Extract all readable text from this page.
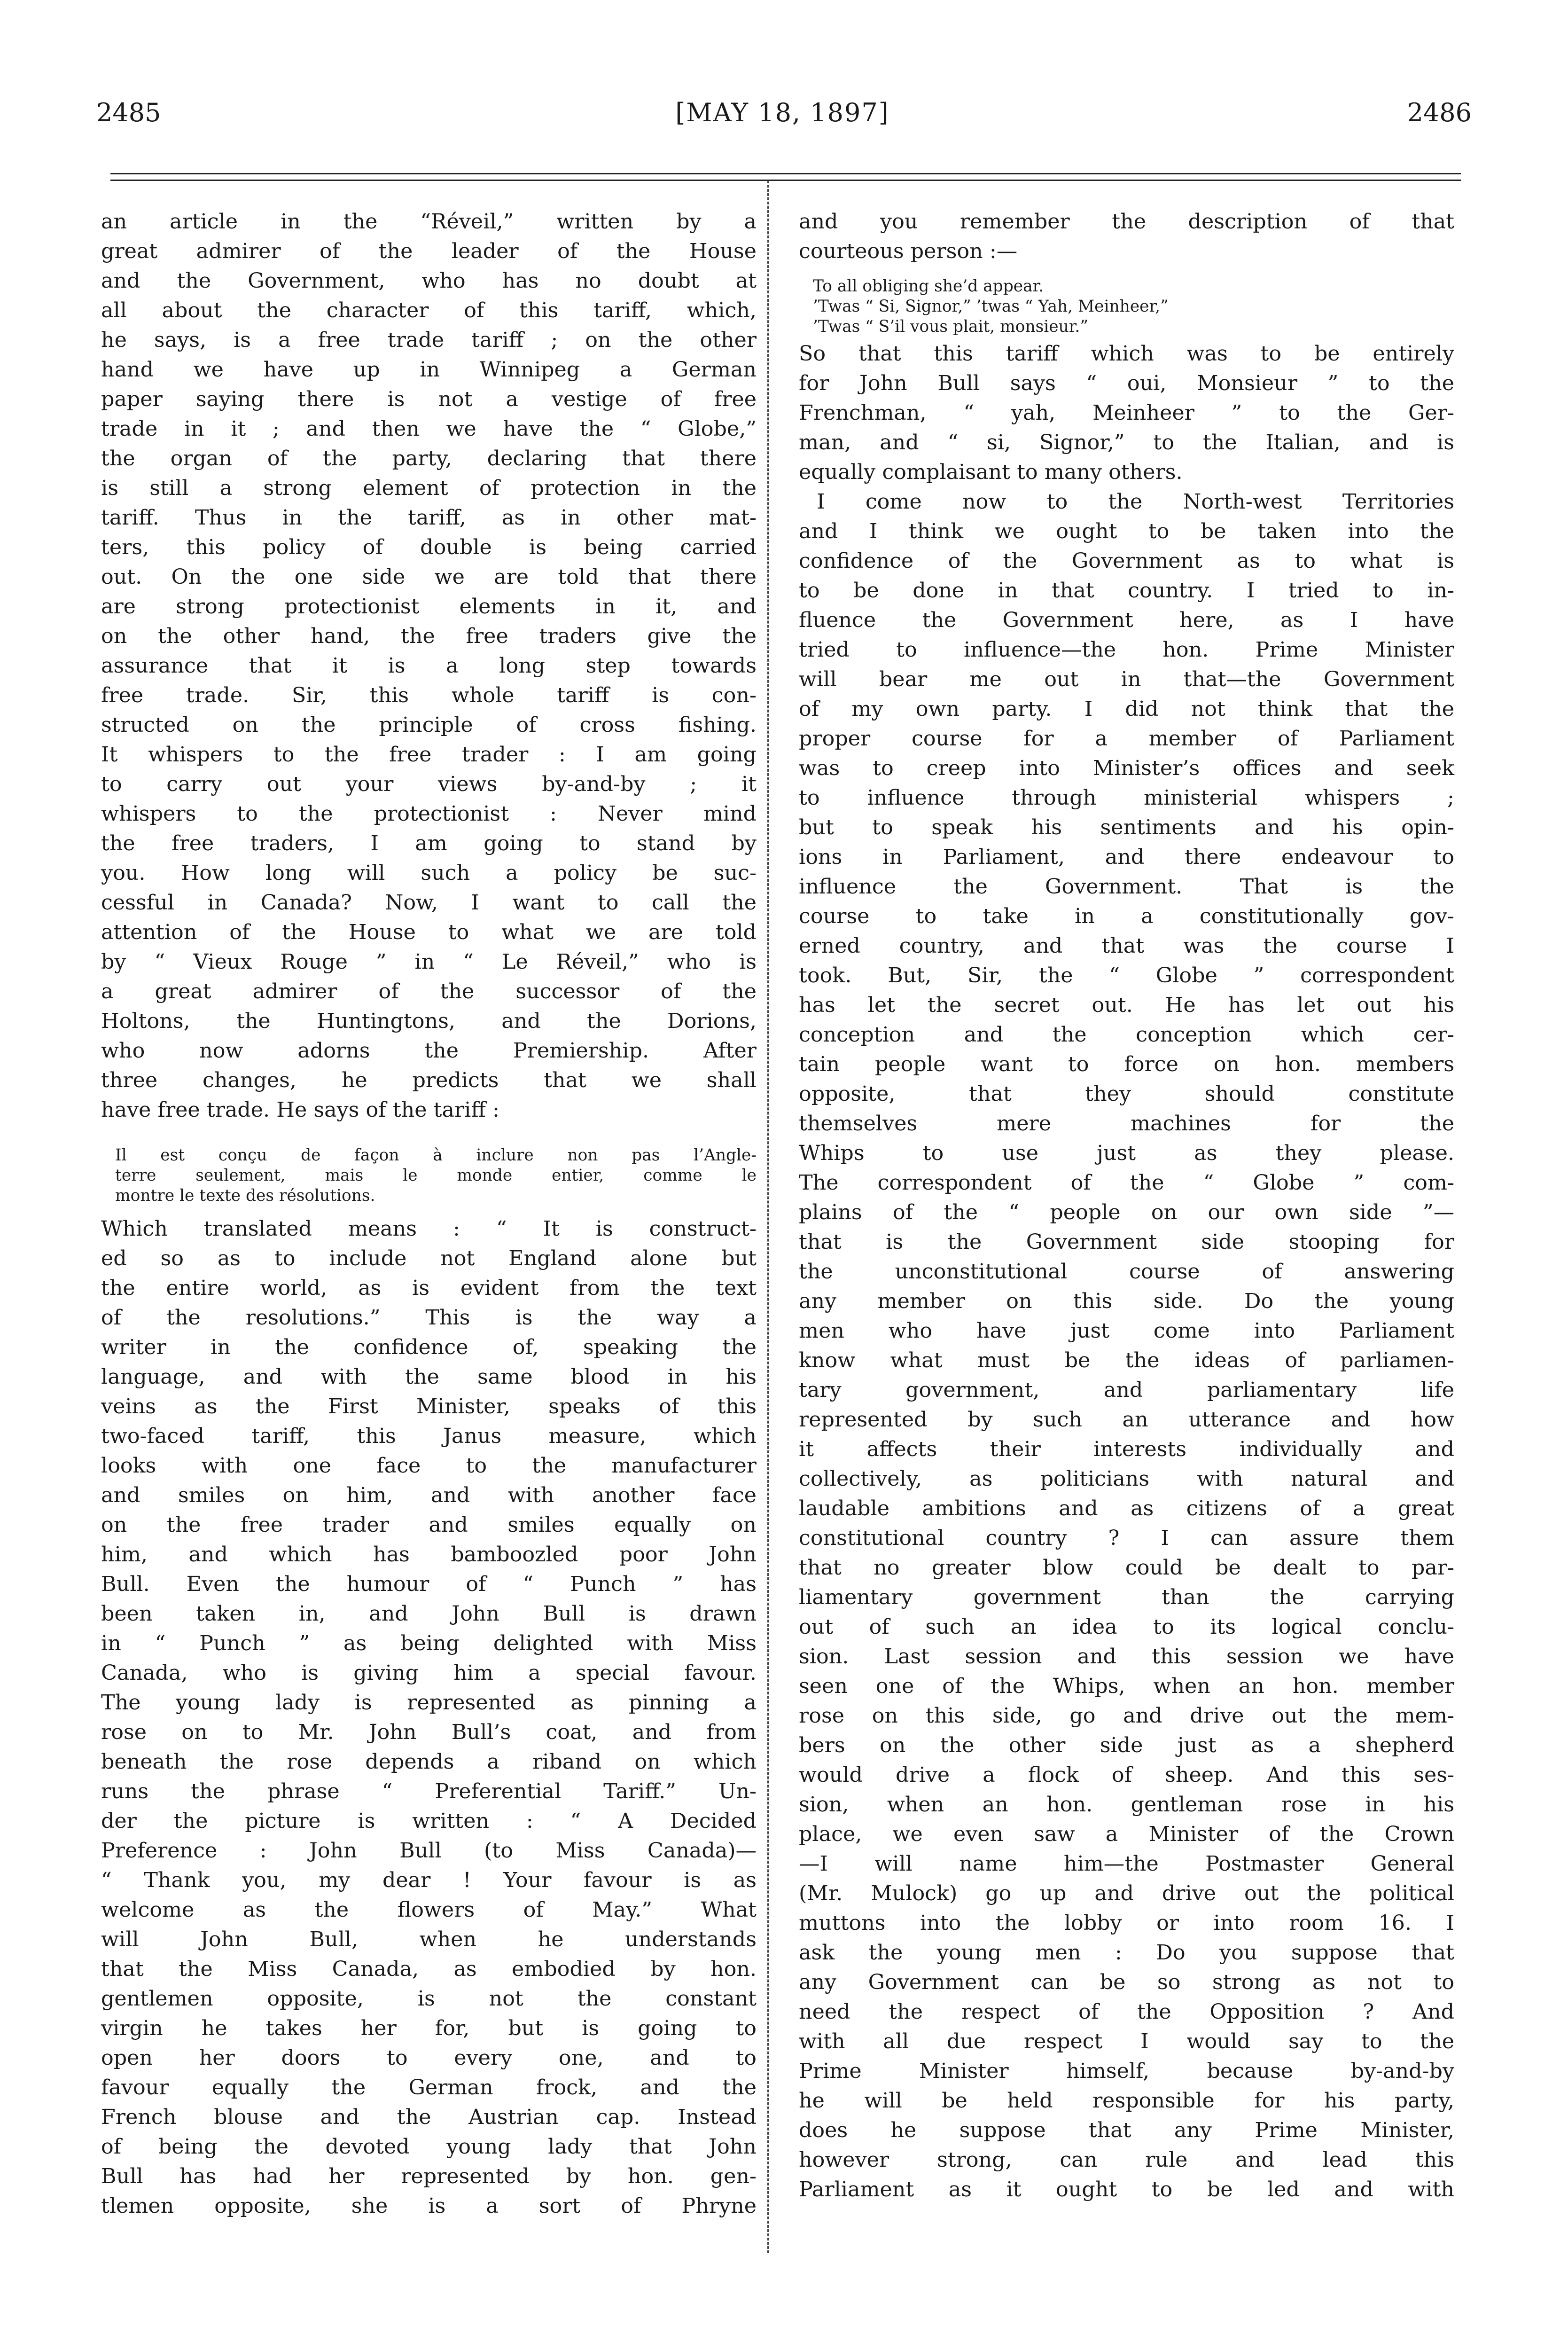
2485	[MAY 18, 1897]	2486

an article in the “Réveil,” written by a

great admirer of the leader of the House

and the Government, who has no doubt at

all about the character of this tariff, which,

he says, is a free trade tariff ; on the other

hand we have up in Winnipeg a German

paper saying there is not a vestige of free

trade in it ; and then we have the “ Globe,”

the organ of the party, declaring that there

is still a strong element of protection in the

tariff. Thus in the tariff, as in other mat-

ters, this policy of double is being carried

out. On the one side we are told that there

are strong protectionist elements in it, and

on the other hand, the free traders give the

assurance that it is a long step towards

free trade. Sir, this whole tariff is con-

structed on the principle of cross fishing.

It whispers to the free trader : I am going

to carry out your views by-and-by ; it

whispers to the protectionist : Never mind

the free traders, I am going to stand by

you. How long will such a policy be suc-

cessful in Canada? Now, I want to call the

attention of the House to what we are told

by “ Vieux Rouge ” in “ Le Réveil,” who is

a great admirer of the successor of the

Holtons, the Huntingtons, and the Dorions,

who now adorns the Premiership. After

three changes, he predicts that we shall

have free trade. He says of the tariff :

Il est conçu de façon à inclure non pas l’Angle-

terre seulement, mais le monde entier, comme le

montre le texte des résolutions.

Which translated means : “ It is construct-

ed so as to include not England alone but

the entire world, as is evident from the text

of the resolutions.” This is the way a

writer in the confidence of, speaking the

language, and with the same blood in his

veins as the First Minister, speaks of this

two-faced tariff, this Janus measure, which

looks with one face to the manufacturer

and smiles on him, and with another face

on the free trader and smiles equally on

him, and which has bamboozled poor John

Bull. Even the humour of “ Punch ” has

been taken in, and John Bull is drawn

in “ Punch ” as being delighted with Miss

Canada, who is giving him a special favour.

The young lady is represented as pinning a

rose on to Mr. John Bull’s coat, and from

beneath the rose depends a riband on which

runs the phrase “ Preferential Tariff.” Un-

der the picture is written : “ A Decided

Preference : John Bull (to Miss Canada)—

“ Thank you, my dear ! Your favour is as

welcome as the flowers of May.” What

will John Bull, when he understands

that the Miss Canada, as embodied by hon.

gentlemen opposite, is not the constant

virgin he takes her for, but is going to

open her doors to every one, and to

favour equally the German frock, and the

French blouse and the Austrian cap. Instead

of being the devoted young lady that John

Bull has had her represented by hon. gen-

tlemen opposite, she is a sort of Phryne

and you remember the description of that

courteous person :—

To all obliging she’d appear.

’Twas “ Si, Signor,” ’twas “ Yah, Meinheer,”

’Twas “ S’il vous plait, monsieur.”

So that this tariff which was to be entirely

for John Bull says “ oui, Monsieur ” to the

Frenchman, “ yah, Meinheer ” to the Ger-

man, and “ si, Signor,” to the Italian, and is

equally complaisant to many others.

I come now to the North-west Territories

and I think we ought to be taken into the

confidence of the Government as to what is

to be done in that country. I tried to in-

fluence the Government here, as I have

tried to influence—the hon. Prime Minister

will bear me out in that—the Government

of my own party. I did not think that the

proper course for a member of Parliament

was to creep into Minister’s offices and seek

to influence through ministerial whispers ;

but to speak his sentiments and his opin-

ions in Parliament, and there endeavour to

influence the Government. That is the

course to take in a constitutionally gov-

erned country, and that was the course I

took. But, Sir, the “ Globe ” correspondent

has let the secret out. He has let out his

conception and the conception which cer-

tain people want to force on hon. members

opposite, that they should constitute

themselves mere machines for the

Whips to use just as they please.

The correspondent of the “ Globe ” com-

plains of the “ people on our own side ”—

that is the Government side stooping for

the unconstitutional course of answering

any member on this side. Do the young

men who have just come into Parliament

know what must be the ideas of parliamen-

tary government, and parliamentary life

represented by such an utterance and how

it affects their interests individually and

collectively, as politicians with natural and

laudable ambitions and as citizens of a great

constitutional country ? I can assure them

that no greater blow could be dealt to par-

liamentary government than the carrying

out of such an idea to its logical conclu-

sion. Last session and this session we have

seen one of the Whips, when an hon. member

rose on this side, go and drive out the mem-

bers on the other side just as a shepherd

would drive a flock of sheep. And this ses-

sion, when an hon. gentleman rose in his

place, we even saw a Minister of the Crown

—I will name him—the Postmaster General

(Mr. Mulock) go up and drive out the political

muttons into the lobby or into room 16. I

ask the young men : Do you suppose that

any Government can be so strong as not to

need the respect of the Opposition ? And

with all due respect I would say to the

Prime Minister himself, because by-and-by

he will be held responsible for his party,

does he suppose that any Prime Minister,

however strong, can rule and lead this

Parliament as it ought to be led and with
